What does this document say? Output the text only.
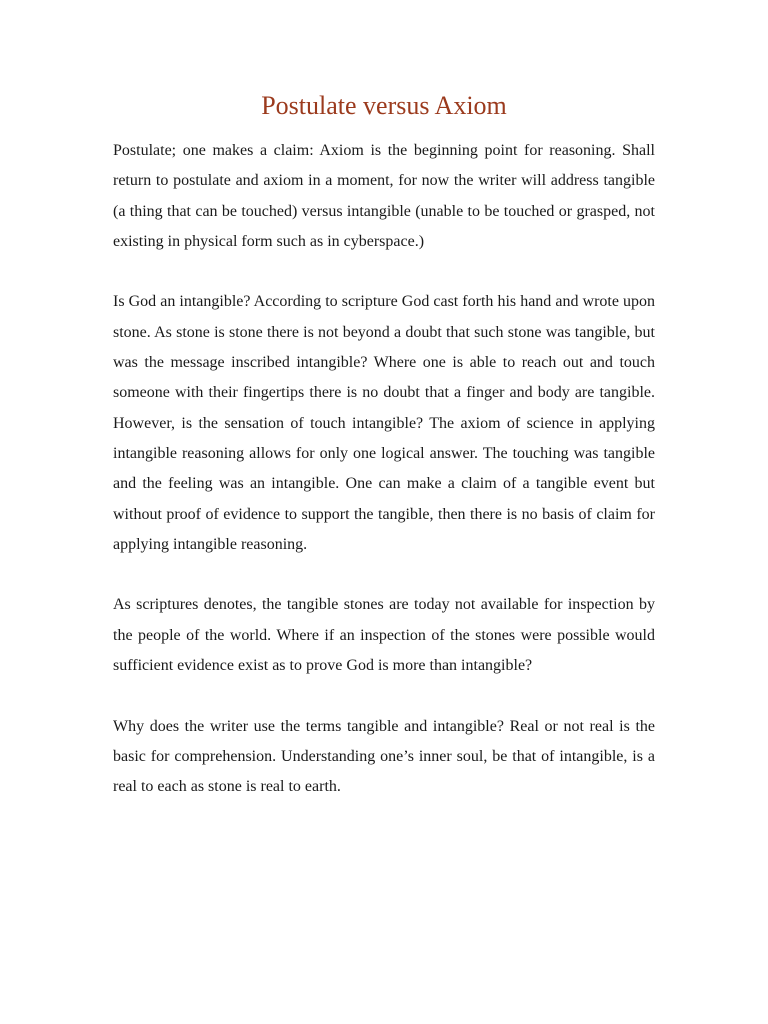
Postulate versus Axiom

Postulate; one makes a claim: Axiom is the beginning point for reasoning. Shall return to postulate and axiom in a moment, for now the writer will address tangible (a thing that can be touched) versus intangible (unable to be touched or grasped, not existing in physical form such as in cyberspace.)

Is God an intangible? According to scripture God cast forth his hand and wrote upon stone. As stone is stone there is not beyond a doubt that such stone was tangible, but was the message inscribed intangible? Where one is able to reach out and touch someone with their fingertips there is no doubt that a finger and body are tangible. However, is the sensation of touch intangible? The axiom of science in applying intangible reasoning allows for only one logical answer. The touching was tangible and the feeling was an intangible. One can make a claim of a tangible event but without proof of evidence to support the tangible, then there is no basis of claim for applying intangible reasoning.

As scriptures denotes, the tangible stones are today not available for inspection by the people of the world. Where if an inspection of the stones were possible would sufficient evidence exist as to prove God is more than intangible?

Why does the writer use the terms tangible and intangible? Real or not real is the basic for comprehension. Understanding one’s inner soul, be that of intangible, is a real to each as stone is real to earth.
